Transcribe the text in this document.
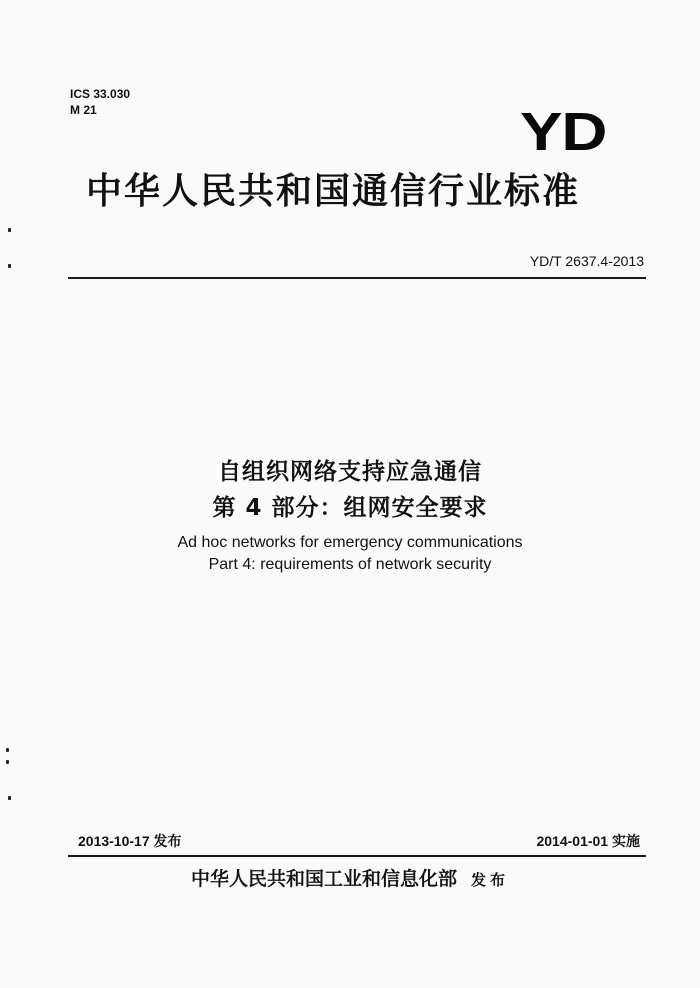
ICS 33.030
M 21	YD
中华人民共和国通信行业标准
YD/T 2637.4-2013
自组织网络支持应急通信
第 4 部分：组网安全要求
Ad hoc networks for emergency communications
Part 4: requirements of network security
2013-10-17 发布	2014-01-01 实施
中华人民共和国工业和信息化部 发布
